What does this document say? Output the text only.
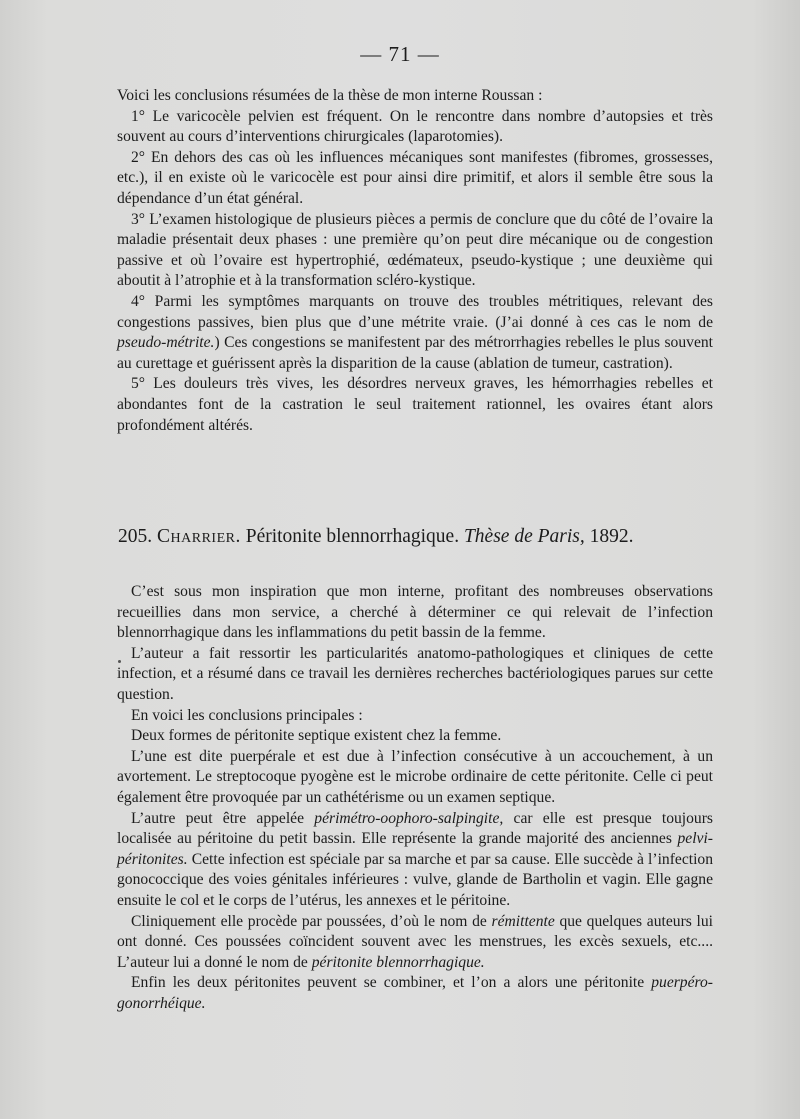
— 71 —

Voici les conclusions résumées de la thèse de mon interne Roussan :

1° Le varicocèle pelvien est fréquent. On le rencontre dans nombre d’autopsies et très souvent au cours d’interventions chirurgicales (laparotomies).

2° En dehors des cas où les influences mécaniques sont manifestes (fibromes, grossesses, etc.), il en existe où le varicocèle est pour ainsi dire primitif, et alors il semble être sous la dépendance d’un état général.

3° L’examen histologique de plusieurs pièces a permis de conclure que du côté de l’ovaire la maladie présentait deux phases : une première qu’on peut dire mécanique ou de congestion passive et où l’ovaire est hypertrophié, œdémateux, pseudo-kystique ; une deuxième qui aboutit à l’atrophie et à la transformation scléro-kystique.

4° Parmi les symptômes marquants on trouve des troubles métritiques, relevant des congestions passives, bien plus que d’une métrite vraie. (J’ai donné à ces cas le nom de pseudo-métrite.) Ces congestions se manifestent par des métrorrhagies rebelles le plus souvent au curettage et guérissent après la disparition de la cause (ablation de tumeur, castration).

5° Les douleurs très vives, les désordres nerveux graves, les hémorrhagies rebelles et abondantes font de la castration le seul traitement rationnel, les ovaires étant alors profondément altérés.

205. Charrier. Péritonite blennorrhagique. Thèse de Paris, 1892.

C’est sous mon inspiration que mon interne, profitant des nombreuses observations recueillies dans mon service, a cherché à déterminer ce qui relevait de l’infection blennorrhagique dans les inflammations du petit bassin de la femme.

L’auteur a fait ressortir les particularités anatomo-pathologiques et cliniques de cette infection, et a résumé dans ce travail les dernières recherches bactériologiques parues sur cette question.

En voici les conclusions principales :

Deux formes de péritonite septique existent chez la femme.

L’une est dite puerpérale et est due à l’infection consécutive à un accouchement, à un avortement. Le streptocoque pyogène est le microbe ordinaire de cette péritonite. Celle ci peut également être provoquée par un cathétérisme ou un examen septique.

L’autre peut être appelée périmétro-oophoro-salpingite, car elle est presque toujours localisée au péritoine du petit bassin. Elle représente la grande majorité des anciennes pelvi-péritonites. Cette infection est spéciale par sa marche et par sa cause. Elle succède à l’infection gonococcique des voies génitales inférieures : vulve, glande de Bartholin et vagin. Elle gagne ensuite le col et le corps de l’utérus, les annexes et le péritoine.

Cliniquement elle procède par poussées, d’où le nom de rémittente que quelques auteurs lui ont donné. Ces poussées coïncident souvent avec les menstrues, les excès sexuels, etc.... L’auteur lui a donné le nom de péritonite blennorrhagique.

Enfin les deux péritonites peuvent se combiner, et l’on a alors une péritonite puerpéro-gonorrhéique.
